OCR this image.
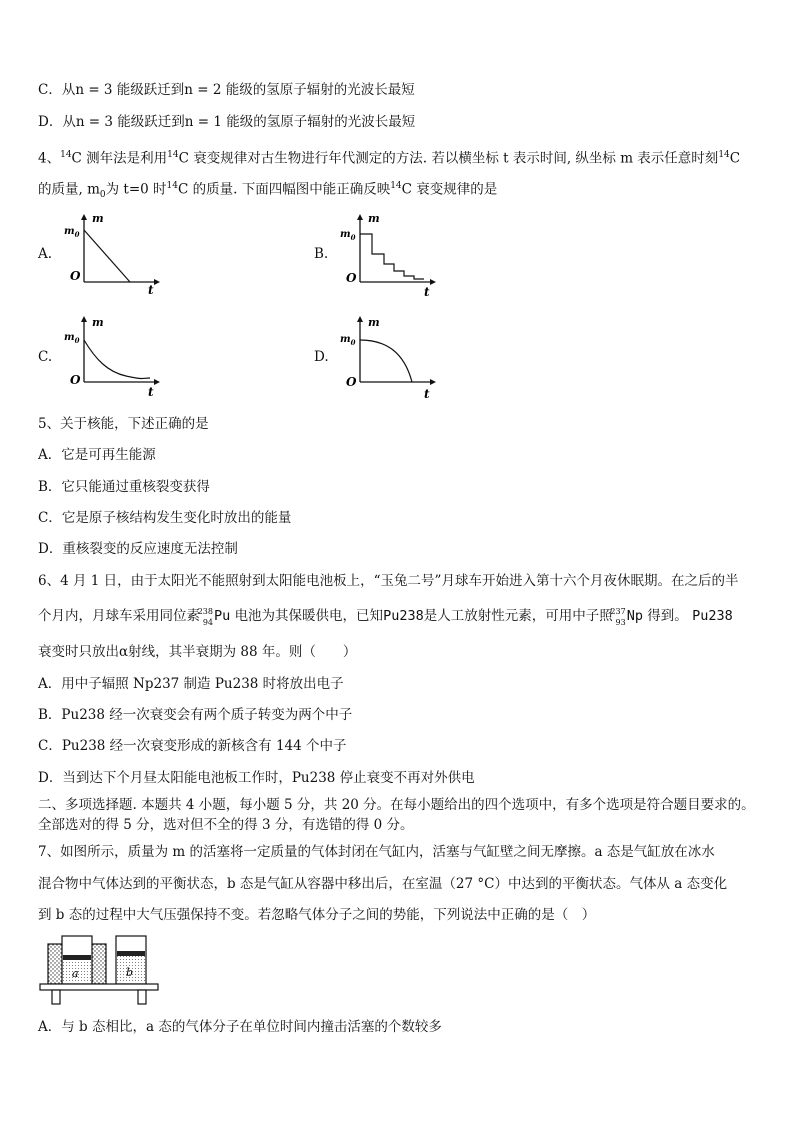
C．从n = 3 能级跃迁到n = 2 能级的氢原子辐射的光波长最短
D．从n = 3 能级跃迁到n = 1 能级的氢原子辐射的光波长最短
4、$^{14}$C 测年法是利用$^{14}$C 衰变规律对古生物进行年代测定的方法. 若以横坐标 t 表示时间, 纵坐标 m 表示任意时刻$^{14}$C
的质量, $m_0$为 t=0 时$^{14}$C 的质量. 下面四幅图中能正确反映$^{14}$C 衰变规律的是
A.
m
$m_0$
O
t
B.
m
$m_0$
O
t
C.
m
$m_0$
O
t
D.
m
$m_0$
O
t
5、关于核能，下述正确的是
A．它是可再生能源
B．它只能通过重核裂变获得
C．它是原子核结构发生变化时放出的能量
D．重核裂变的反应速度无法控制
6、4 月 1 日，由于太阳光不能照射到太阳能电池板上，“玉兔二号”月球车开始进入第十六个月夜休眠期。在之后的半
个月内，月球车采用同位素
238
94 Pu 电池为其保暖供电，已知Pu238是人工放射性元素，可用中子照
237
93 Np 得到。 Pu238
衰变时只放出α射线，其半衰期为 88 年。则（　　）
A．用中子辐照 Np237 制造 Pu238 时将放出电子
B．Pu238 经一次衰变会有两个质子转变为两个中子
C．Pu238 经一次衰变形成的新核含有 144 个中子
D．当到达下个月昼太阳能电池板工作时，Pu238 停止衰变不再对外供电
二、多项选择题. 本题共 4 小题，每小题 5 分，共 20 分。在每小题给出的四个选项中，有多个选项是符合题目要求的。
全部选对的得 5 分，选对但不全的得 3 分，有选错的得 0 分。
7、如图所示，质量为 m 的活塞将一定质量的气体封闭在气缸内，活塞与气缸壁之间无摩擦。a 态是气缸放在冰水
混合物中气体达到的平衡状态，b 态是气缸从容器中移出后，在室温（27 °C）中达到的平衡状态。气体从 a 态变化
到 b 态的过程中大气压强保持不变。若忽略气体分子之间的势能，下列说法中正确的是（　）
a	b
A．与 b 态相比，a 态的气体分子在单位时间内撞击活塞的个数较多
